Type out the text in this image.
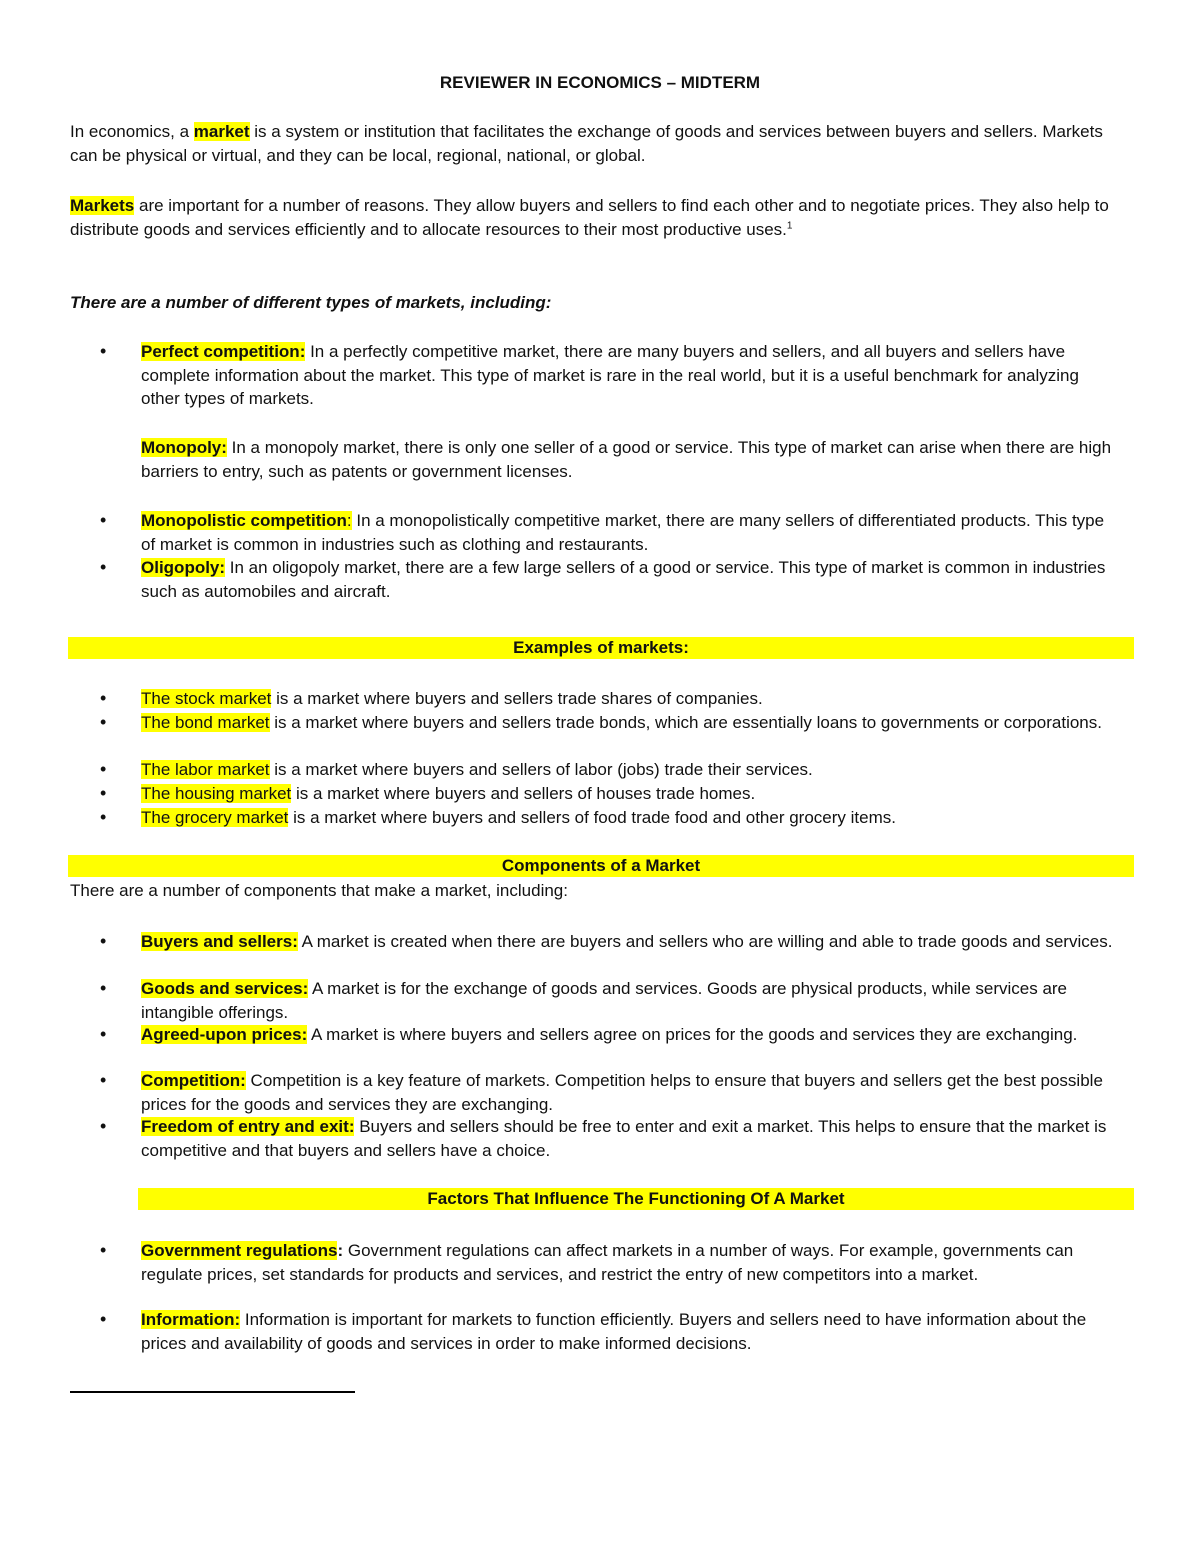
REVIEWER IN ECONOMICS – MIDTERM

In economics, a market is a system or institution that facilitates the exchange of goods and services between buyers and sellers. Markets can be physical or virtual, and they can be local, regional, national, or global.

Markets are important for a number of reasons. They allow buyers and sellers to find each other and to negotiate prices. They also help to distribute goods and services efficiently and to allocate resources to their most productive uses.$^1$

There are a number of different types of markets, including:

• Perfect competition: In a perfectly competitive market, there are many buyers and sellers, and all buyers and sellers have complete information about the market. This type of market is rare in the real world, but it is a useful benchmark for analyzing other types of markets.

Monopoly: In a monopoly market, there is only one seller of a good or service. This type of market can arise when there are high barriers to entry, such as patents or government licenses.

• Monopolistic competition: In a monopolistically competitive market, there are many sellers of differentiated products. This type of market is common in industries such as clothing and restaurants.

• Oligopoly: In an oligopoly market, there are a few large sellers of a good or service. This type of market is common in industries such as automobiles and aircraft.

Examples of markets:
• The stock market is a market where buyers and sellers trade shares of companies.

• The bond market is a market where buyers and sellers trade bonds, which are essentially loans to governments or corporations.

• The labor market is a market where buyers and sellers of labor (jobs) trade their services.

• The housing market is a market where buyers and sellers of houses trade homes.

• The grocery market is a market where buyers and sellers of food trade food and other grocery items.

Components of a Market

There are a number of components that make a market, including:

• Buyers and sellers: A market is created when there are buyers and sellers who are willing and able to trade goods and services.

• Goods and services: A market is for the exchange of goods and services. Goods are physical products, while services are intangible offerings.

• Agreed-upon prices: A market is where buyers and sellers agree on prices for the goods and services they are exchanging.

• Competition: Competition is a key feature of markets. Competition helps to ensure that buyers and sellers get the best possible prices for the goods and services they are exchanging.

• Freedom of entry and exit: Buyers and sellers should be free to enter and exit a market. This helps to ensure that the market is competitive and that buyers and sellers have a choice.

Factors That Influence The Functioning Of A Market
• Government regulations: Government regulations can affect markets in a number of ways. For example, governments can regulate prices, set standards for products and services, and restrict the entry of new competitors into a market.

• Information: Information is important for markets to function efficiently. Buyers and sellers need to have information about the prices and availability of goods and services in order to make informed decisions.
